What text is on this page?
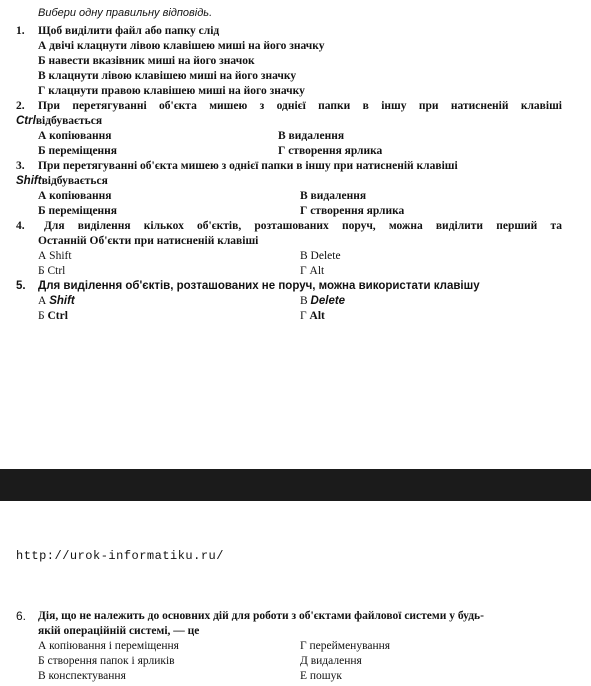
Вибери одну правильну відповідь.
1. Щоб виділити файл або папку слід
А двічі клацнути лівою клавішею миші на його значку
Б навести вказівник миші на його значок
В клацнути лівою клавішею миші на його значку
Г клацнути правою клавішею миші на його значку
2. При перетягуванні об'єкта мишею з однієї папки в іншу при натисненій клавіші
Ctrlвідбувається
А копіювання	В видалення
Б переміщення	Г створення ярлика
3. При перетягуванні об'єкта мишею з однієї папки в іншу при натисненій клавіші
Shiftвідбувається
А копіювання	В видалення
Б переміщення	Г створення ярлика
4. Для виділення кількох об'єктів, розташованих поруч, можна виділити перший та
Останній Об'єкти при натисненій клавіші
А Shift	В Delete
Б Ctrl	Г Alt
5. Для виділення об'єктів, розташованих не поруч, можна використати клавішу
А Shift	В Delete
Б Ctrl	Г Alt
http://urok-informatiku.ru/
6. Дія, що не належить до основних дій для роботи з об'єктами файлової системи у будь-
якій операційній системі, — це
А копіювання і переміщення	Г перейменування
Б створення папок і ярликів	Д видалення
В конспектування	Е пошук
